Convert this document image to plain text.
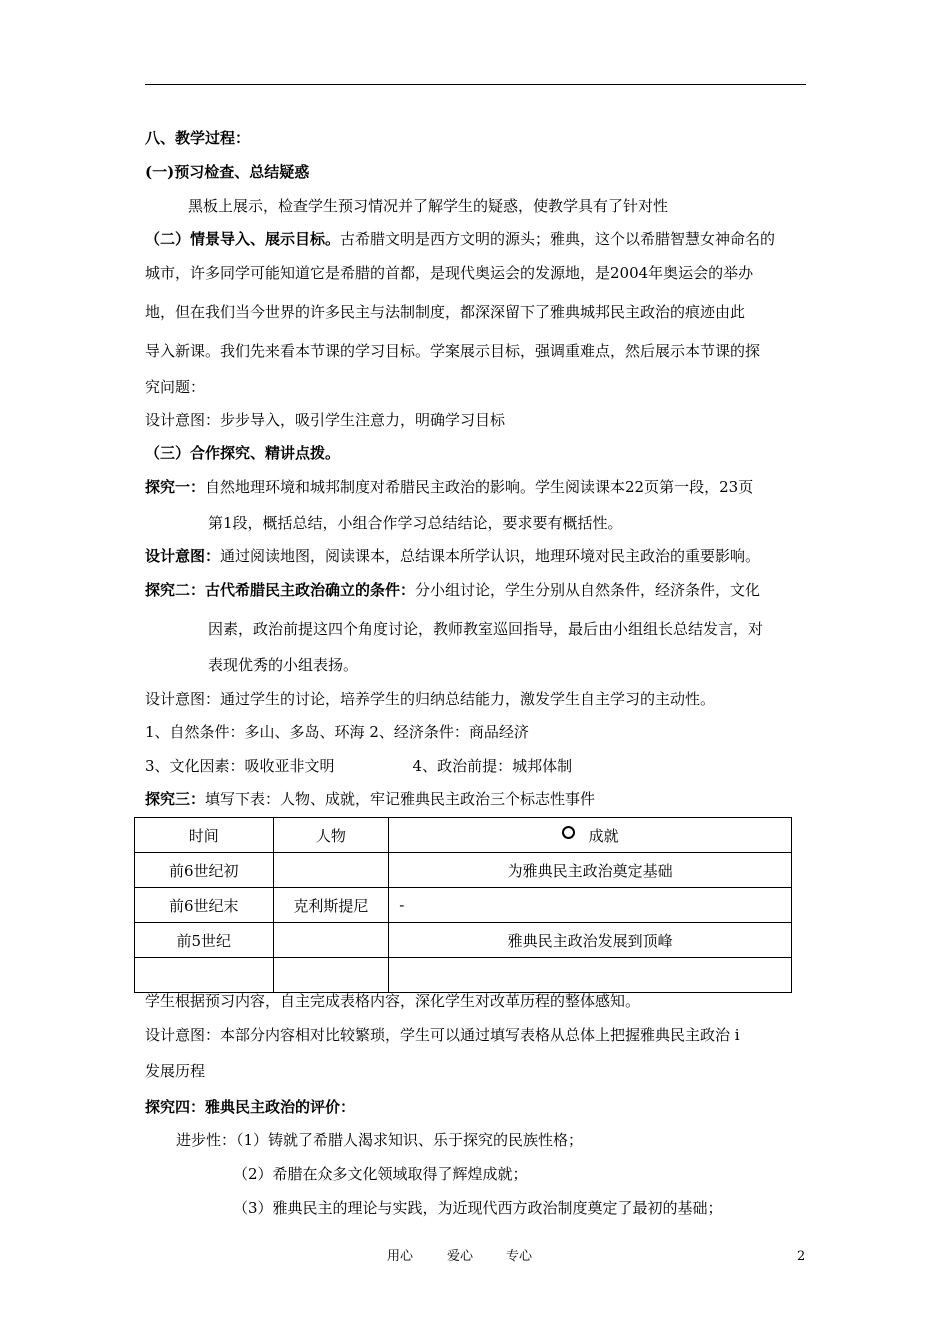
八、教学过程：
(一)预习检查、总结疑惑
黑板上展示，检查学生预习情况并了解学生的疑惑，使教学具有了针对性
（二）情景导入、展示目标。古希腊文明是西方文明的源头；雅典，这个以希腊智慧女神命名的
城市，许多同学可能知道它是希腊的首都，是现代奥运会的发源地，是2004年奥运会的举办
地，但在我们当今世界的许多民主与法制制度，都深深留下了雅典城邦民主政治的痕迹由此
导入新课。我们先来看本节课的学习目标。学案展示目标，强调重难点，然后展示本节课的探
究问题：
设计意图：步步导入，吸引学生注意力，明确学习目标
（三）合作探究、精讲点拨。
探究一：自然地理环境和城邦制度对希腊民主政治的影响。学生阅读课本22页第一段，23页
第1段，概括总结，小组合作学习总结结论，要求要有概括性。
设计意图：通过阅读地图，阅读课本，总结课本所学认识，地理环境对民主政治的重要影响。
探究二：古代希腊民主政治确立的条件：分小组讨论，学生分别从自然条件，经济条件，文化
因素，政治前提这四个角度讨论，教师教室巡回指导，最后由小组组长总结发言，对
表现优秀的小组表扬。
设计意图：通过学生的讨论，培养学生的归纳总结能力，激发学生自主学习的主动性。
1、自然条件：多山、多岛、环海 2、经济条件：商品经济
3、文化因素：吸收亚非文明	4、政治前提：城邦体制
探究三：填写下表：人物、成就，牢记雅典民主政治三个标志性事件
时间	人物	成就
前6世纪初		为雅典民主政治奠定基础
前6世纪末	克利斯提尼	-
前5世纪		雅典民主政治发展到顶峰

学生根据预习内容，自主完成表格内容，深化学生对改革历程的整体感知。
设计意图：本部分内容相对比较繁琐，学生可以通过填写表格从总体上把握雅典民主政治 i
发展历程
探究四：雅典民主政治的评价：
进步性：（1）铸就了希腊人渴求知识、乐于探究的民族性格；
（2）希腊在众多文化领域取得了辉煌成就；
（3）雅典民主的理论与实践，为近现代西方政治制度奠定了最初的基础；
用心	爱心	专心	2
